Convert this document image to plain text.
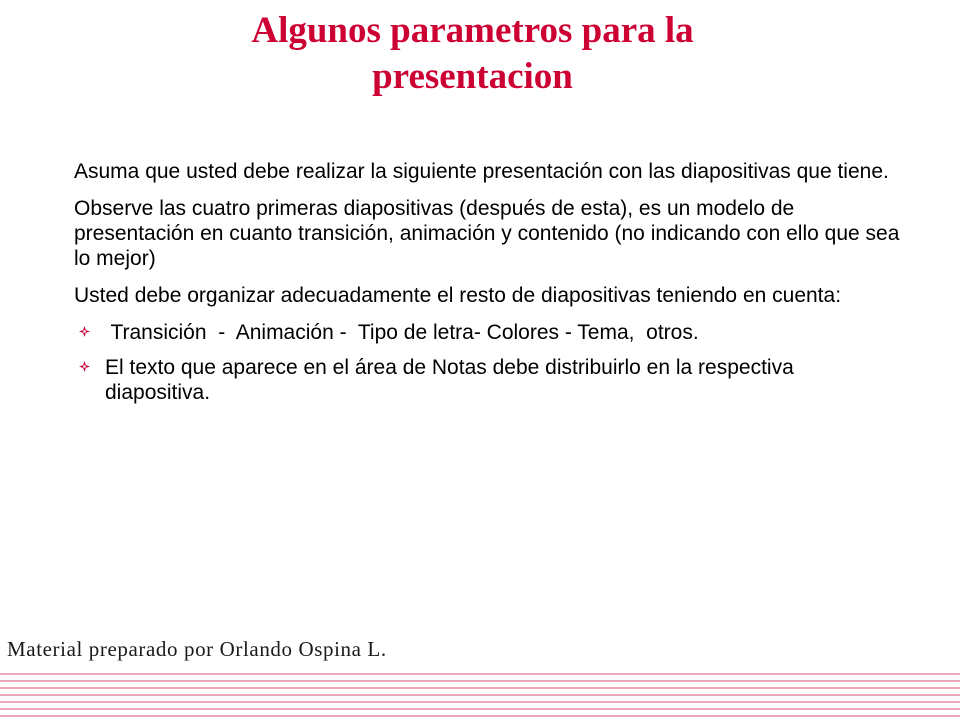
Algunos parametros para la
presentacion

Asuma que usted debe realizar la siguiente presentación con las diapositivas que tiene.

Observe las cuatro primeras diapositivas (después de esta), es un modelo de presentación en cuanto transición, animación y contenido (no indicando con ello que sea lo mejor)

Usted debe organizar adecuadamente el resto de diapositivas teniendo en cuenta:

Transición  -  Animación -  Tipo de letra- Colores - Tema,  otros.
El texto que aparece en el área de Notas debe distribuirlo en la respectiva diapositiva.
Material preparado por Orlando Ospina L.
